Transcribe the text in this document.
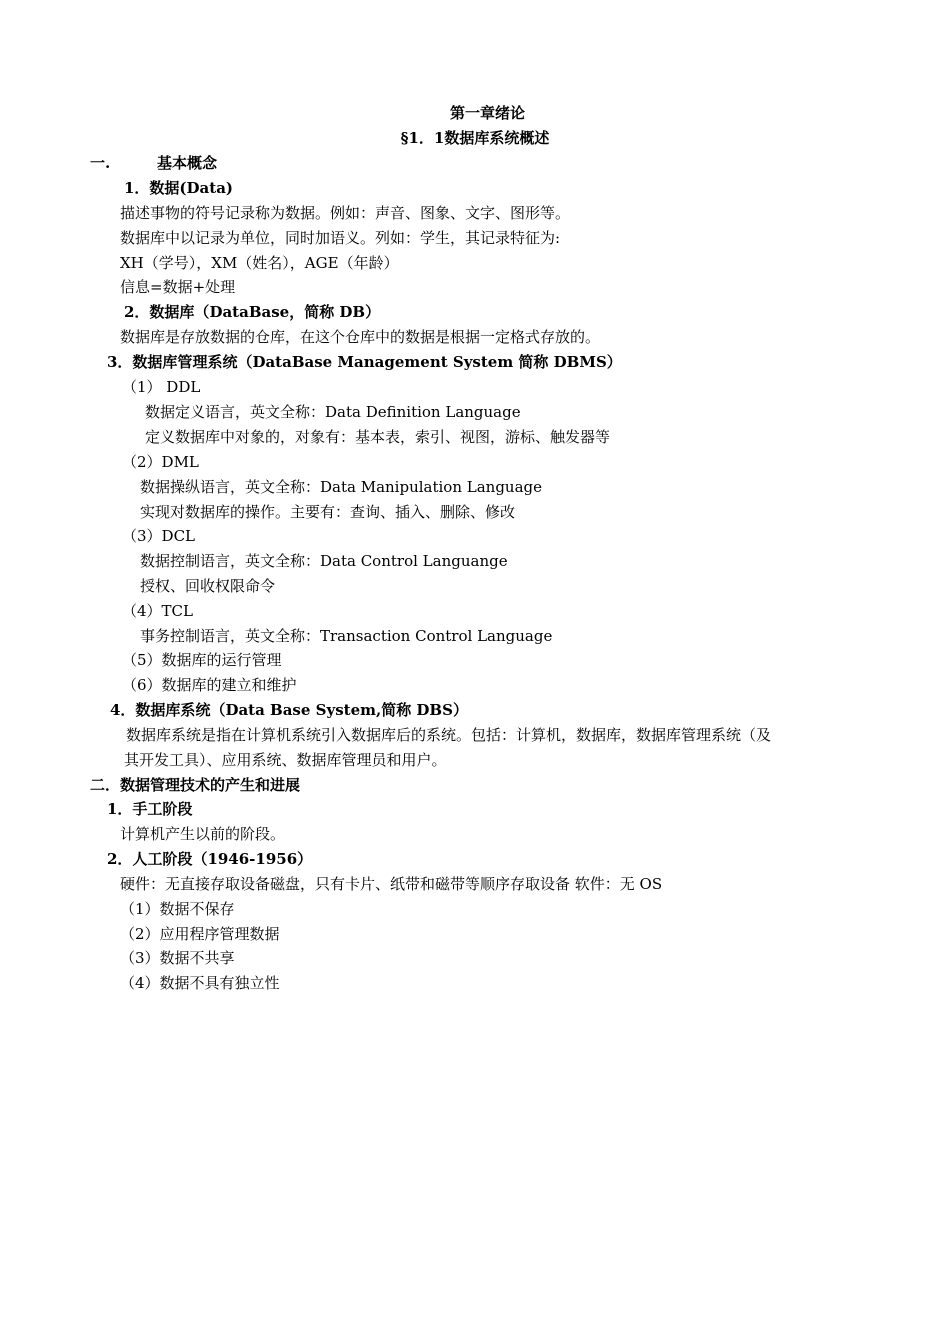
第一章绪论
§1．1数据库系统概述
一.	基本概念
1．数据(Data)
描述事物的符号记录称为数据。例如：声音、图象、文字、图形等。
数据库中以记录为单位，同时加语义。列如：学生，其记录特征为:
XH（学号），XM（姓名），AGE（年龄）
信息=数据+处理
2．数据库（DataBase，简称 DB）
数据库是存放数据的仓库，在这个仓库中的数据是根据一定格式存放的。
3．数据库管理系统（DataBase Management System 简称 DBMS）
（1） DDL
数据定义语言，英文全称：Data Definition Language
定义数据库中对象的，对象有：基本表，索引、视图，游标、触发器等
（2）DML
数据操纵语言，英文全称：Data Manipulation Language
实现对数据库的操作。主要有：查询、插入、删除、修改
（3）DCL
数据控制语言，英文全称：Data Control Languange
授权、回收权限命令
（4）TCL
事务控制语言，英文全称：Transaction Control Language
（5）数据库的运行管理
（6）数据库的建立和维护
4．数据库系统（Data Base System,简称 DBS）
数据库系统是指在计算机系统引入数据库后的系统。包括：计算机，数据库，数据库管理系统（及
其开发工具）、应用系统、数据库管理员和用户。
二．数据管理技术的产生和进展
1．手工阶段
计算机产生以前的阶段。
2．人工阶段（1946-1956）
硬件：无直接存取设备磁盘，只有卡片、纸带和磁带等顺序存取设备 软件：无 OS
（1）数据不保存
（2）应用程序管理数据
（3）数据不共享
（4）数据不具有独立性
